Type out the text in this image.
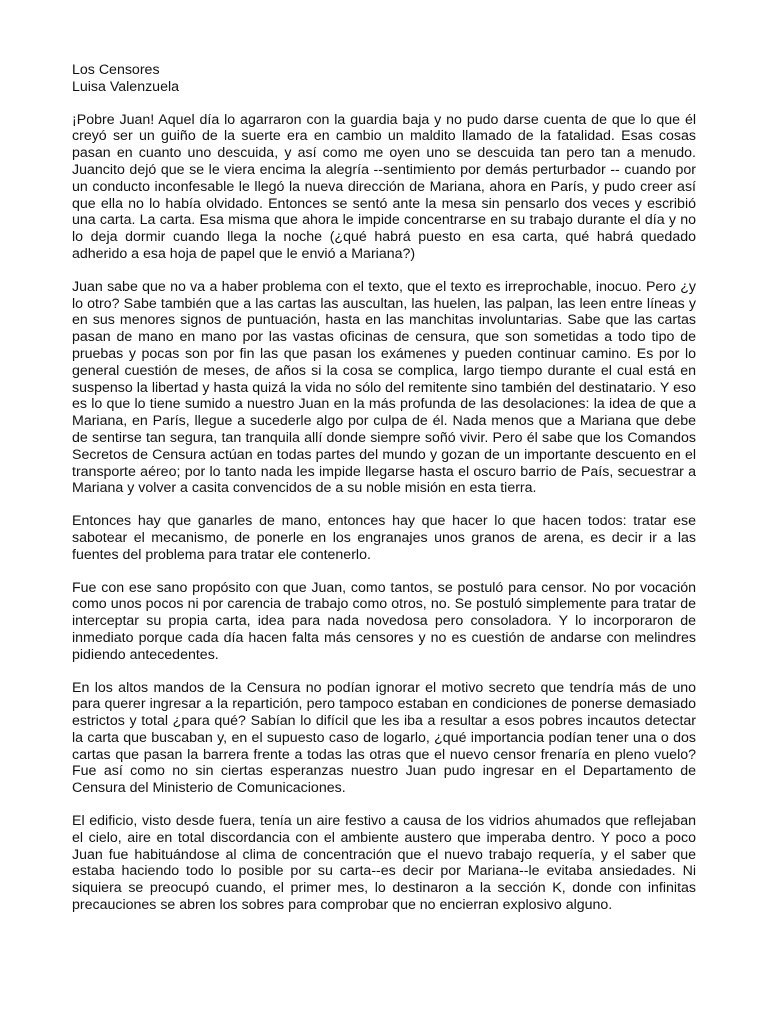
Los Censores

Luisa Valenzuela

¡Pobre Juan! Aquel día lo agarraron con la guardia baja y no pudo darse cuenta de que lo que él creyó ser un guiño de la suerte era en cambio un maldito llamado de la fatalidad. Esas cosas pasan en cuanto uno descuida, y así como me oyen uno se descuida tan pero tan a menudo. Juancito dejó que se le viera encima la alegría --sentimiento por demás perturbador -- cuando por un conducto inconfesable le llegó la nueva dirección de Mariana, ahora en París, y pudo creer así que ella no lo había olvidado. Entonces se sentó ante la mesa sin pensarlo dos veces y escribió una carta. La carta. Esa misma que ahora le impide concentrarse en su trabajo durante el día y no lo deja dormir cuando llega la noche (¿qué habrá puesto en esa carta, qué habrá quedado adherido a esa hoja de papel que le envió a Mariana?)

Juan sabe que no va a haber problema con el texto, que el texto es irreprochable, inocuo. Pero ¿y lo otro? Sabe también que a las cartas las auscultan, las huelen, las palpan, las leen entre líneas y en sus menores signos de puntuación, hasta en las manchitas involuntarias. Sabe que las cartas pasan de mano en mano por las vastas oficinas de censura, que son sometidas a todo tipo de pruebas y pocas son por fin las que pasan los exámenes y pueden continuar camino. Es por lo general cuestión de meses, de años si la cosa se complica, largo tiempo durante el cual está en suspenso la libertad y hasta quizá la vida no sólo del remitente sino también del destinatario. Y eso es lo que lo tiene sumido a nuestro Juan en la más profunda de las desolaciones: la idea de que a Mariana, en París, llegue a sucederle algo por culpa de él. Nada menos que a Mariana que debe de sentirse tan segura, tan tranquila allí donde siempre soñó vivir. Pero él sabe que los Comandos Secretos de Censura actúan en todas partes del mundo y gozan de un importante descuento en el transporte aéreo; por lo tanto nada les impide llegarse hasta el oscuro barrio de País, secuestrar a Mariana y volver a casita convencidos de a su noble misión en esta tierra.

Entonces hay que ganarles de mano, entonces hay que hacer lo que hacen todos: tratar ese sabotear el mecanismo, de ponerle en los engranajes unos granos de arena, es decir ir a las fuentes del problema para tratar ele contenerlo.

Fue con ese sano propósito con que Juan, como tantos, se postuló para censor. No por vocación como unos pocos ni por carencia de trabajo como otros, no. Se postuló simplemente para tratar de interceptar su propia carta, idea para nada novedosa pero consoladora. Y lo incorporaron de inmediato porque cada día hacen falta más censores y no es cuestión de andarse con melindres pidiendo antecedentes.

En los altos mandos de la Censura no podían ignorar el motivo secreto que tendría más de uno para querer ingresar a la repartición, pero tampoco estaban en condiciones de ponerse demasiado estrictos y total ¿para qué? Sabían lo difícil que les iba a resultar a esos pobres incautos detectar la carta que buscaban y, en el supuesto caso de logarlo, ¿qué importancia podían tener una o dos cartas que pasan la barrera frente a todas las otras que el nuevo censor frenaría en pleno vuelo? Fue así como no sin ciertas esperanzas nuestro Juan pudo ingresar en el Departamento de Censura del Ministerio de Comunicaciones.

El edificio, visto desde fuera, tenía un aire festivo a causa de los vidrios ahumados que reflejaban el cielo, aire en total discordancia con el ambiente austero que imperaba dentro. Y poco a poco Juan fue habituándose al clima de concentración que el nuevo trabajo requería, y el saber que estaba haciendo todo lo posible por su carta--es decir por Mariana--le evitaba ansiedades. Ni siquiera se preocupó cuando, el primer mes, lo destinaron a la sección K, donde con infinitas precauciones se abren los sobres para comprobar que no encierran explosivo alguno.
